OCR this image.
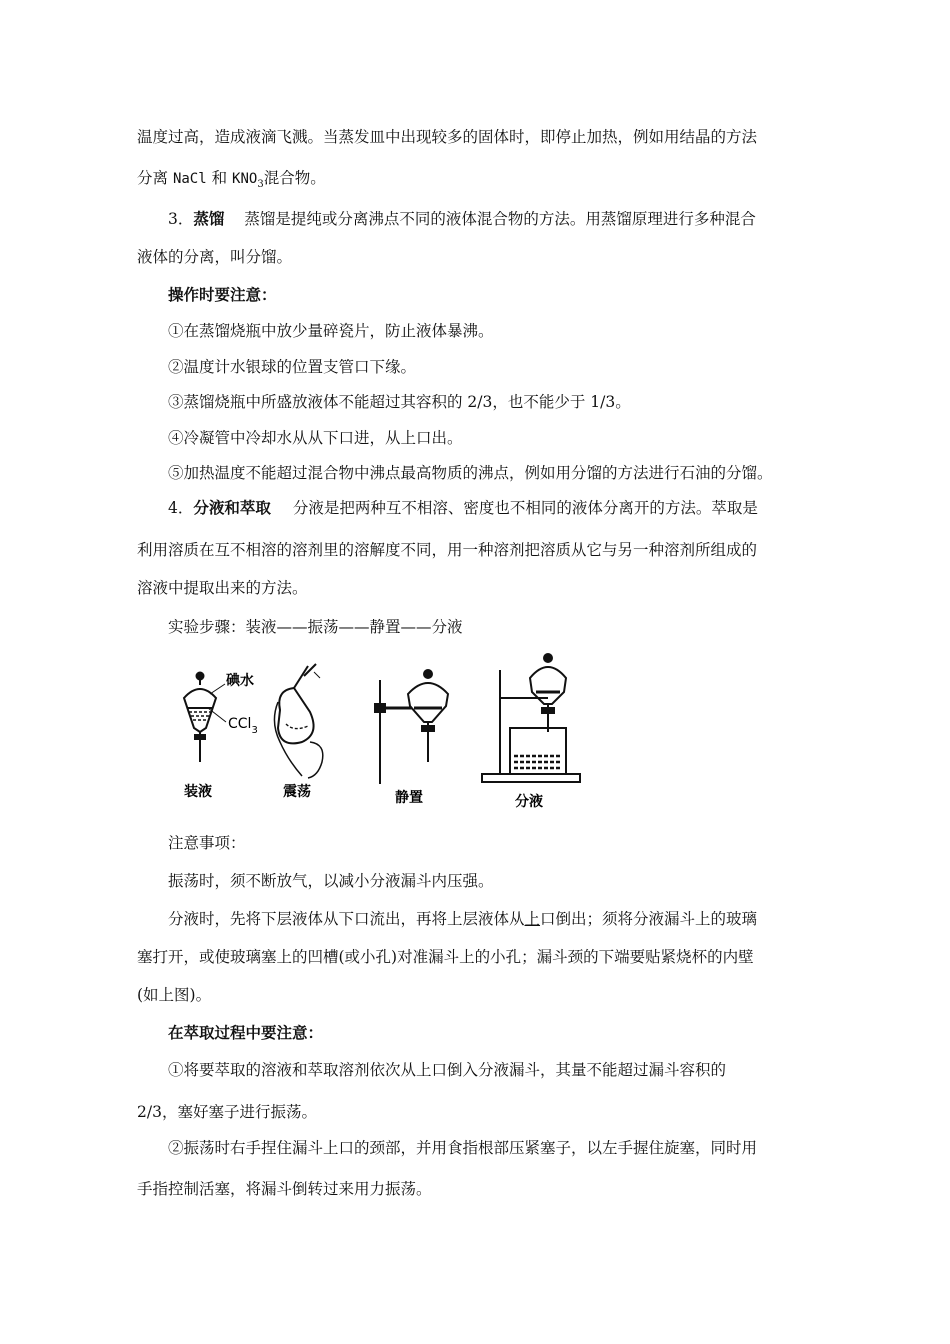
温度过高，造成液滴飞溅。当蒸发皿中出现较多的固体时，即停止加热，例如用结晶的方法
分离 NaCl 和 $KNO_3$混合物。
3．蒸馏 蒸馏是提纯或分离沸点不同的液体混合物的方法。用蒸馏原理进行多种混合
液体的分离，叫分馏。
操作时要注意：
①在蒸馏烧瓶中放少量碎瓷片，防止液体暴沸。
②温度计水银球的位置支管口下缘。
③蒸馏烧瓶中所盛放液体不能超过其容积的 2/3，也不能少于 1/3。
④冷凝管中冷却水从从下口进，从上口出。
⑤加热温度不能超过混合物中沸点最高物质的沸点，例如用分馏的方法进行石油的分馏。
4．分液和萃取 分液是把两种互不相溶、密度也不相同的液体分离开的方法。萃取是
利用溶质在互不相溶的溶剂里的溶解度不同，用一种溶剂把溶质从它与另一种溶剂所组成的
溶液中提取出来的方法。
实验步骤：装液——振荡——静置——分液
碘水
CCl$_3$
装液	震荡	静置	分液
注意事项：
振荡时，须不断放气，以减小分液漏斗内压强。
分液时，先将下层液体从下口流出，再将上层液体从上口倒出；须将分液漏斗上的玻璃
塞打开，或使玻璃塞上的凹槽(或小孔)对准漏斗上的小孔；漏斗颈的下端要贴紧烧杯的内壁
(如上图)。
在萃取过程中要注意：
①将要萃取的溶液和萃取溶剂依次从上口倒入分液漏斗，其量不能超过漏斗容积的
2/3，塞好塞子进行振荡。
②振荡时右手捏住漏斗上口的颈部，并用食指根部压紧塞子，以左手握住旋塞，同时用
手指控制活塞，将漏斗倒转过来用力振荡。
